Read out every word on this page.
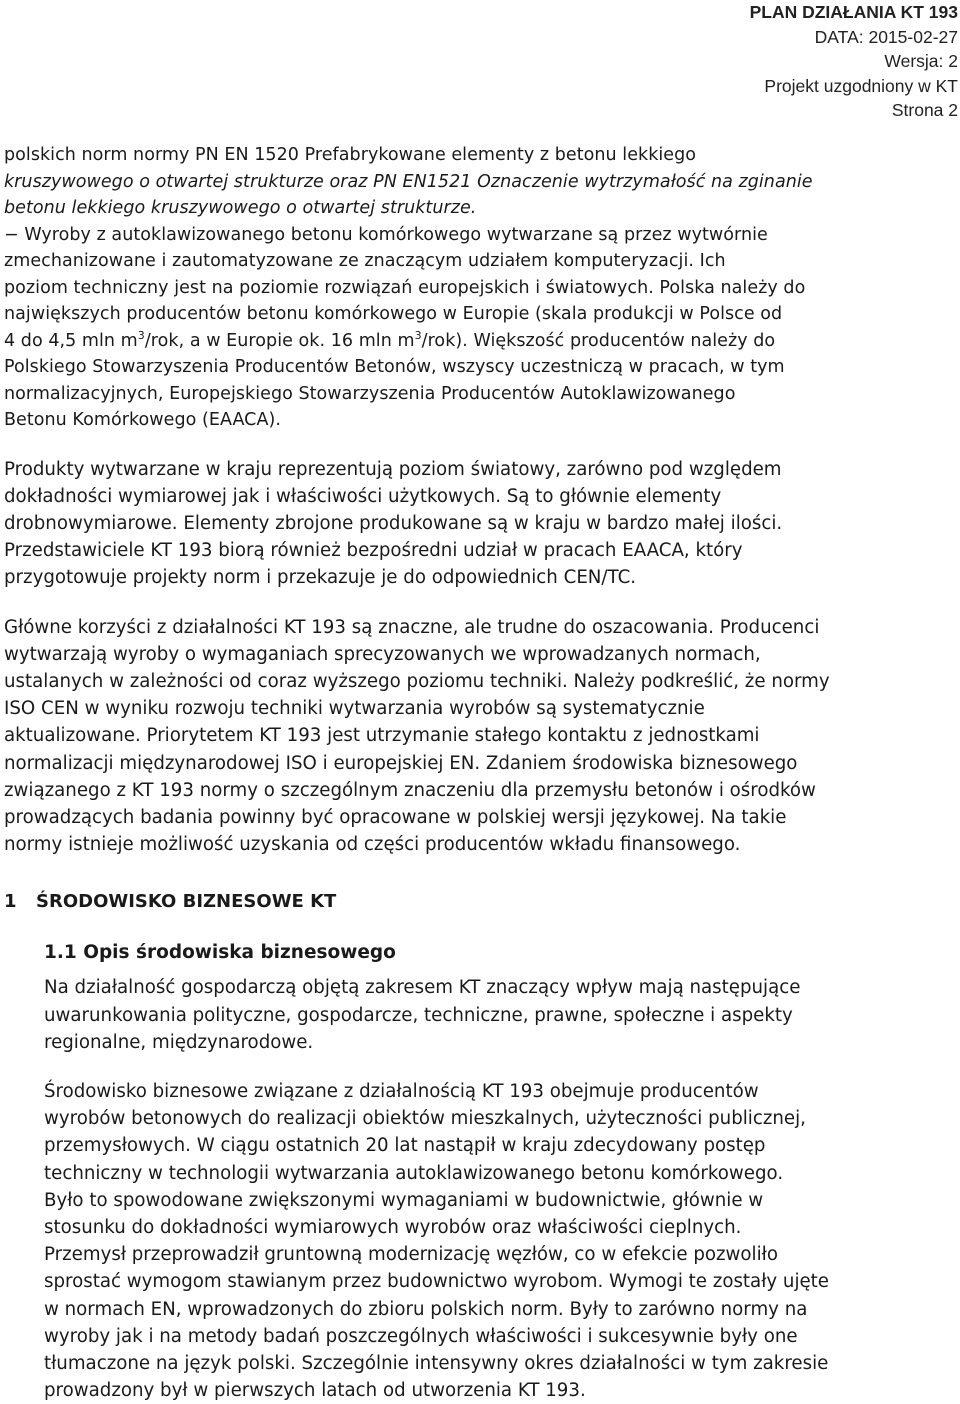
PLAN DZIAŁANIA KT 193
DATA: 2015-02-27
Wersja: 2
Projekt uzgodniony w KT
Strona 2
polskich norm normy PN EN 1520 Prefabrykowane elementy z betonu lekkiego
kruszywowego o otwartej strukturze oraz PN EN1521 Oznaczenie wytrzymałość na zginanie
betonu lekkiego kruszywowego o otwartej strukturze.
− Wyroby z autoklawizowanego betonu komórkowego wytwarzane są przez wytwórnie
zmechanizowane i zautomatyzowane ze znaczącym udziałem komputeryzacji. Ich
poziom techniczny jest na poziomie rozwiązań europejskich i światowych. Polska należy do
największych producentów betonu komórkowego w Europie (skala produkcji w Polsce od
4 do 4,5 mln $m^3$/rok, a w Europie ok. 16 mln $m^3/rok$). Większość producentów należy do
Polskiego Stowarzyszenia Producentów Betonów, wszyscy uczestniczą w pracach, w tym
normalizacyjnych, Europejskiego Stowarzyszenia Producentów Autoklawizowanego
Betonu Komórkowego (EAACA).
Produkty wytwarzane w kraju reprezentują poziom światowy, zarówno pod względem
dokładności wymiarowej jak i właściwości użytkowych. Są to głównie elementy
drobnowymiarowe. Elementy zbrojone produkowane są w kraju w bardzo małej ilości.
Przedstawiciele KT 193 biorą również bezpośredni udział w pracach EAACA, który
przygotowuje projekty norm i przekazuje je do odpowiednich CEN/TC.
Główne korzyści z działalności KT 193 są znaczne, ale trudne do oszacowania. Producenci
wytwarzają wyroby o wymaganiach sprecyzowanych we wprowadzanych normach,
ustalanych w zależności od coraz wyższego poziomu techniki. Należy podkreślić, że normy
ISO CEN w wyniku rozwoju techniki wytwarzania wyrobów są systematycznie
aktualizowane. Priorytetem KT 193 jest utrzymanie stałego kontaktu z jednostkami
normalizacji międzynarodowej ISO i europejskiej EN. Zdaniem środowiska biznesowego
związanego z KT 193 normy o szczególnym znaczeniu dla przemysłu betonów i ośrodków
prowadzących badania powinny być opracowane w polskiej wersji językowej. Na takie
normy istnieje możliwość uzyskania od części producentów wkładu finansowego.
1 ŚRODOWISKO BIZNESOWE KT
1.1 Opis środowiska biznesowego
Na działalność gospodarczą objętą zakresem KT znaczący wpływ mają następujące
uwarunkowania polityczne, gospodarcze, techniczne, prawne, społeczne i aspekty
regionalne, międzynarodowe.
Środowisko biznesowe związane z działalnością KT 193 obejmuje producentów
wyrobów betonowych do realizacji obiektów mieszkalnych, użyteczności publicznej,
przemysłowych. W ciągu ostatnich 20 lat nastąpił w kraju zdecydowany postęp
techniczny w technologii wytwarzania autoklawizowanego betonu komórkowego.
Było to spowodowane zwiększonymi wymaganiami w budownictwie, głównie w
stosunku do dokładności wymiarowych wyrobów oraz właściwości cieplnych.
Przemysł przeprowadził gruntowną modernizację węzłów, co w efekcie pozwoliło
sprostać wymogom stawianym przez budownictwo wyrobom. Wymogi te zostały ujęte
w normach EN, wprowadzonych do zbioru polskich norm. Były to zarówno normy na
wyroby jak i na metody badań poszczególnych właściwości i sukcesywnie były one
tłumaczone na język polski. Szczególnie intensywny okres działalności w tym zakresie
prowadzony był w pierwszych latach od utworzenia KT 193.
